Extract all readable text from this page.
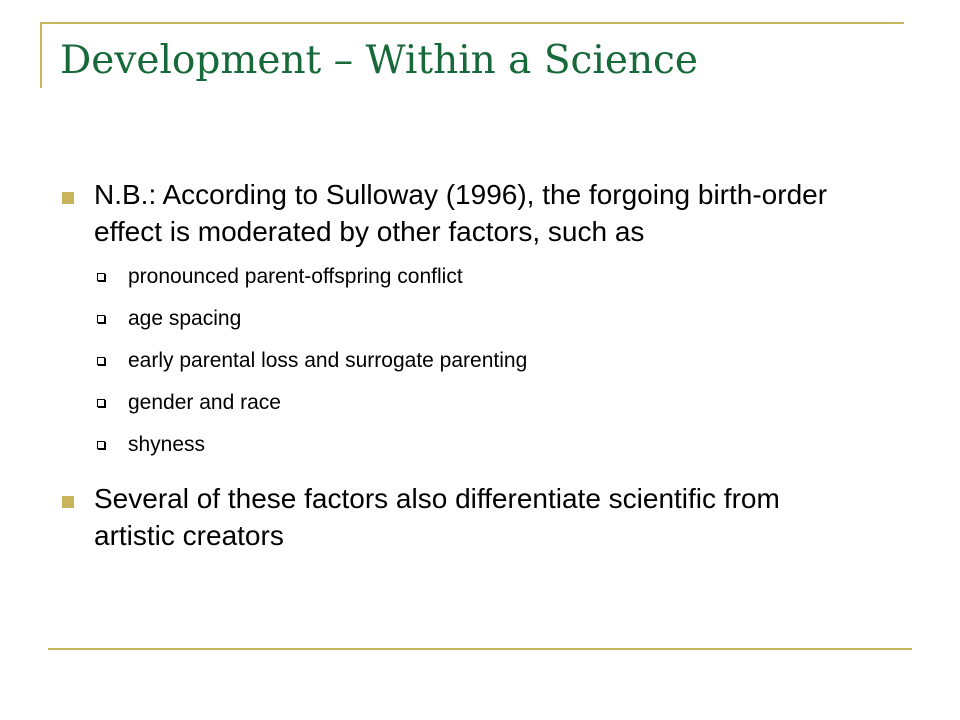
Development – Within a Science

N.B.: According to Sulloway (1996), the forgoing birth-order effect is moderated by other factors, such as

pronounced parent-offspring conflict
age spacing
early parental loss and surrogate parenting
gender and race
shyness

Several of these factors also differentiate scientific from artistic creators
